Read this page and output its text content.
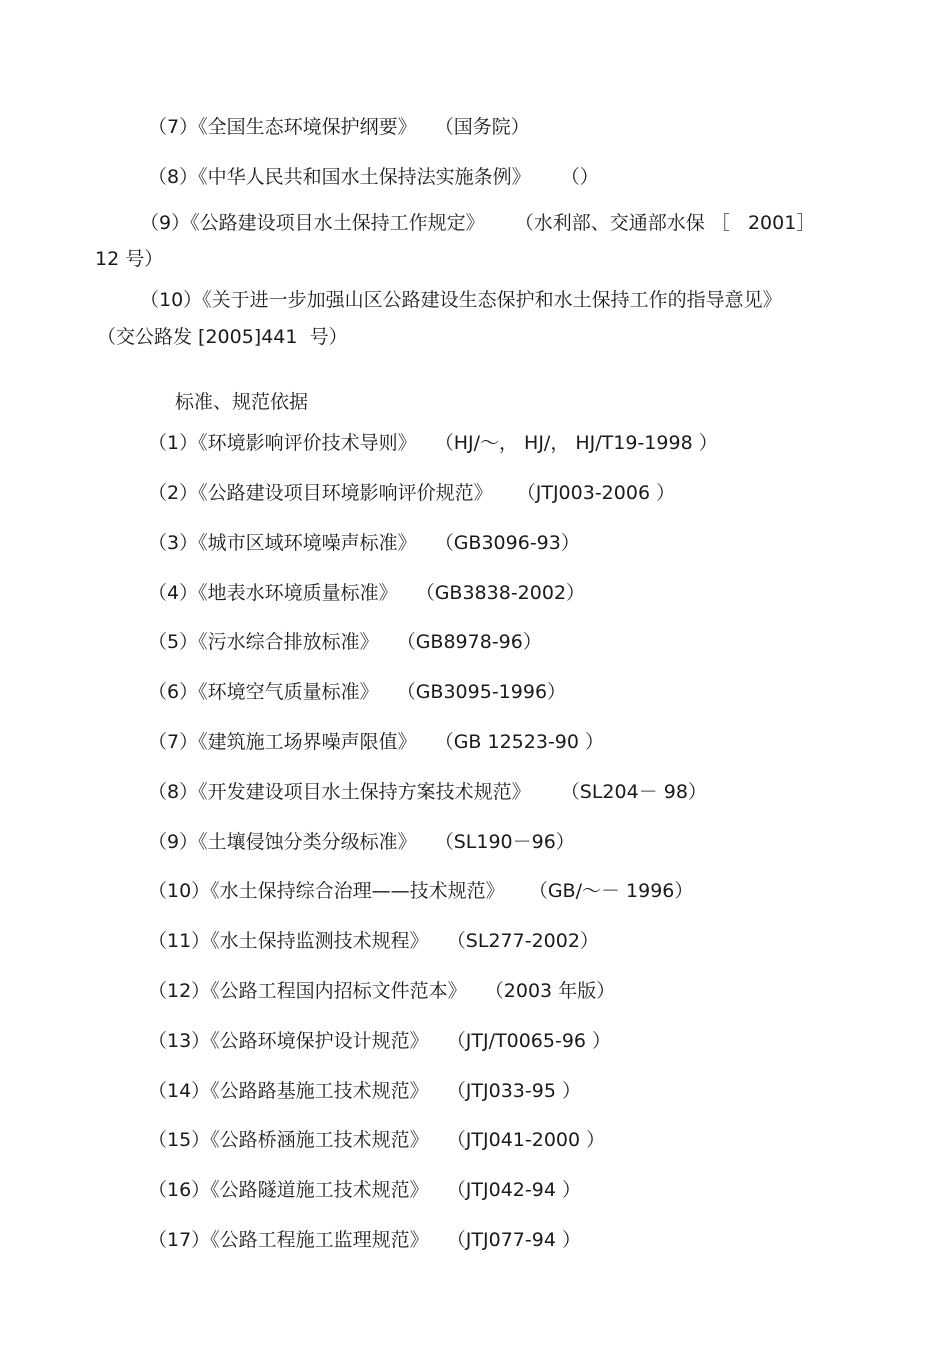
（7）《全国生态环境保护纲要》   （国务院）
（8）《中华人民共和国水土保持法实施条例》     （）
（9）《公路建设项目水土保持工作规定》     （水利部、交通部水保 ［   2001］
12 号）
（10）《关于进一步加强山区公路建设生态保护和水土保持工作的指导意见》
（交公路发 [2005]441  号）
标准、规范依据
（1）《环境影响评价技术导则》   （HJ/～， HJ/， HJ/T19-1998 ）
（2）《公路建设项目环境影响评价规范》    （JTJ003-2006 ）
（3）《城市区域环境噪声标准》   （GB3096-93）
（4）《地表水环境质量标准》   （GB3838-2002）
（5）《污水综合排放标准》   （GB8978-96）
（6）《环境空气质量标准》   （GB3095-1996）
（7）《建筑施工场界噪声限值》   （GB 12523-90 ）
（8）《开发建设项目水土保持方案技术规范》     （SL204－ 98）
（9）《土壤侵蚀分类分级标准》   （SL190－96）
（10）《水土保持综合治理——技术规范》    （GB/～－ 1996）
（11）《水土保持监测技术规程》   （SL277-2002）
（12）《公路工程国内招标文件范本》   （2003 年版）
（13）《公路环境保护设计规范》   （JTJ/T0065-96 ）
（14）《公路路基施工技术规范》   （JTJ033-95 ）
（15）《公路桥涵施工技术规范》   （JTJ041-2000 ）
（16）《公路隧道施工技术规范》   （JTJ042-94 ）
（17）《公路工程施工监理规范》   （JTJ077-94 ）
